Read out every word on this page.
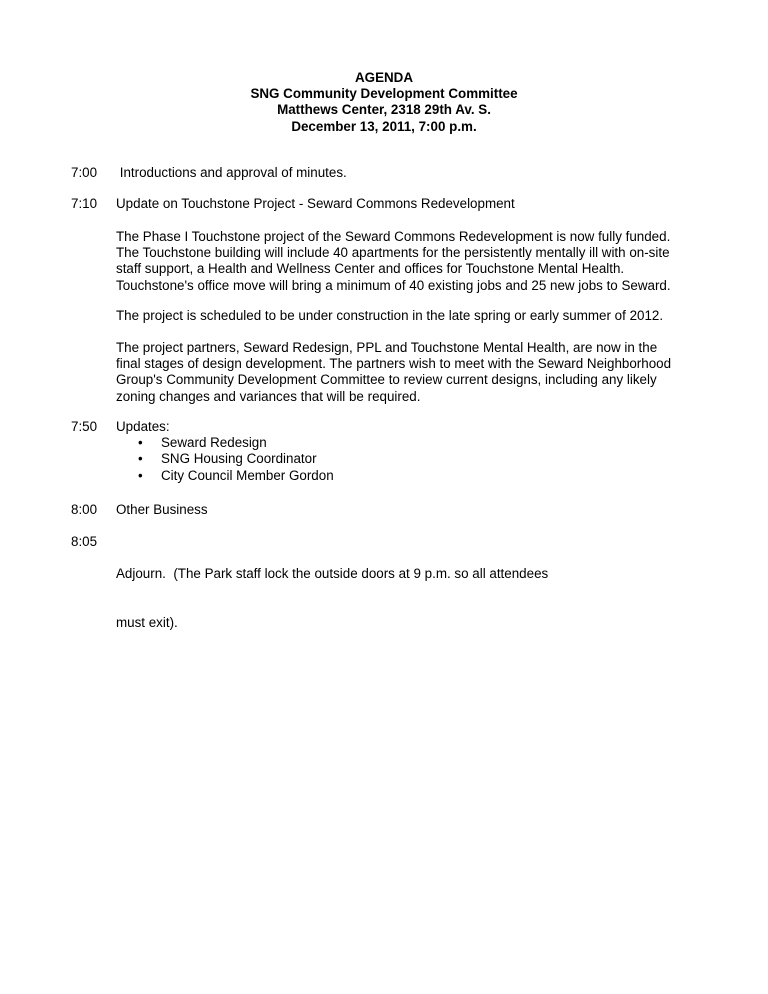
AGENDA
SNG Community Development Committee
Matthews Center, 2318 29th Av. S.
December 13, 2011, 7:00 p.m.
7:00	Introductions and approval of minutes.
7:10	Update on Touchstone Project - Seward Commons Redevelopment
The Phase I Touchstone project of the Seward Commons Redevelopment is now fully funded.
The Touchstone building will include 40 apartments for the persistently mentally ill with on-site
staff support, a Health and Wellness Center and offices for Touchstone Mental Health.
Touchstone's office move will bring a minimum of 40 existing jobs and 25 new jobs to Seward.
The project is scheduled to be under construction in the late spring or early summer of 2012.
The project partners, Seward Redesign, PPL and Touchstone Mental Health, are now in the
final stages of design development. The partners wish to meet with the Seward Neighborhood
Group's Community Development Committee to review current designs, including any likely
zoning changes and variances that will be required.
7:50	Updates:
• Seward Redesign
• SNG Housing Coordinator
• City Council Member Gordon
8:00	Other Business
8:05

Adjourn.  (The Park staff lock the outside doors at 9 p.m. so all attendees

must exit).
